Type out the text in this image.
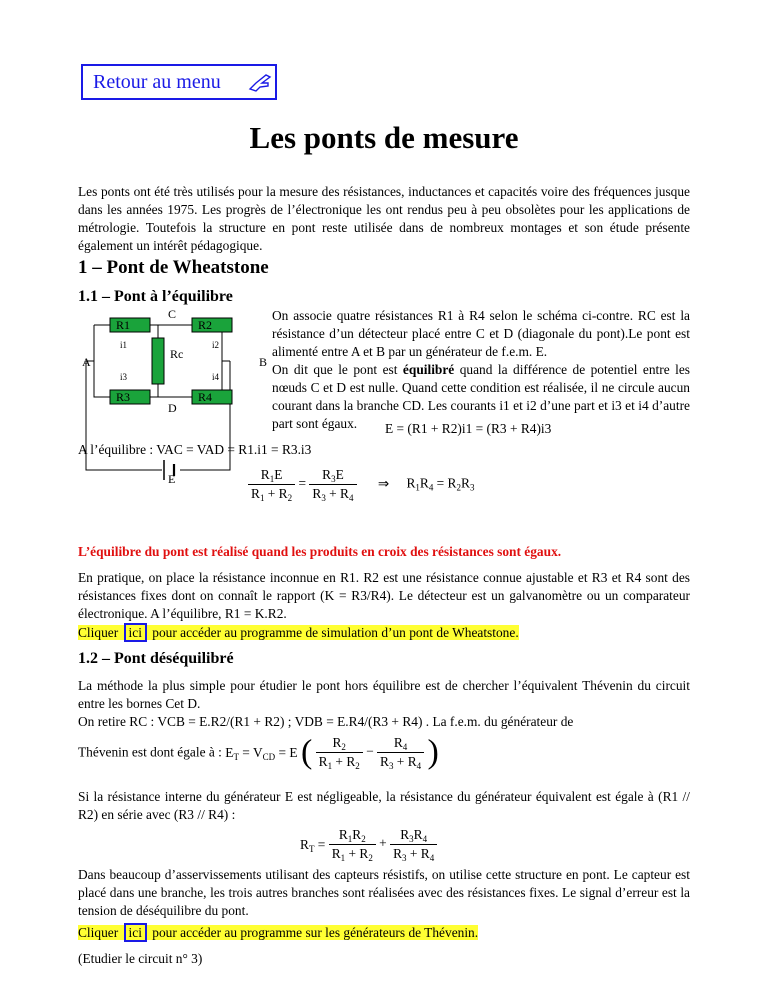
Retour au menu
Les ponts de mesure
Les ponts ont été très utilisés pour la mesure des résistances, inductances et capacités voire des fréquences jusque dans les années 1975. Les progrès de l’électronique les ont rendus peu à peu obsolètes pour les applications de métrologie. Toutefois la structure en pont reste utilisée dans de nombreux montages et son étude présente également un intérêt pédagogique.
1 – Pont de Wheatstone
1.1 – Pont à l’équilibre
R1	R2
R3	R4
Rc
A	B
C
D
E
i1	i2
i3	i4
On associe quatre résistances R1 à R4 selon le schéma ci-contre. RC est la résistance d’un détecteur placé entre C et D (diagonale du pont).Le pont est alimenté entre A et B par un générateur de f.e.m. E.
On dit que le pont est équilibré quand la différence de potentiel entre les nœuds C et D est nulle. Quand cette condition est réalisée, il ne circule aucun courant dans la branche CD. Les courants i1 et i2 d’une part et i3 et i4 d’autre part sont égaux.	E = (R1 + R2)i1 = (R3 + R4)i3
A l’équilibre : VAC = VAD = R1.i1 = R3.i3
$\frac{R_1E}{R_1 + R_2} = \frac{R_3E}{R_3 + R_4}$ ⇒ $R_1R_4 = R_2R_3$
L’équilibre du pont est réalisé quand les produits en croix des résistances sont égaux.
En pratique, on place la résistance inconnue en R1. R2 est une résistance connue ajustable et R3 et R4 sont des résistances fixes dont on connaît le rapport (K = R3/R4). Le détecteur est un galvanomètre ou un comparateur électronique. A l’équilibre, R1 = K.R2.
Cliquer ici pour accéder au programme de simulation d’un pont de Wheatstone.
1.2 – Pont déséquilibré
La méthode la plus simple pour étudier le pont hors équilibre est de chercher l’équivalent Thévenin du circuit entre les bornes Cet D.
On retire RC : VCB = E.R2/(R1 + R2) ; VDB = E.R4/(R3 + R4) . La f.e.m. du générateur de
Thévenin est dont égale à : $E_T = V_{CD} = E$ ( $\frac{R_2}{R_1 + R_2} - \frac{R_4}{R_3 + R_4}$ )
Si la résistance interne du générateur E est négligeable, la résistance du générateur équivalent est égale à (R1 // R2) en série avec (R3 // R4) :
$R_T = \frac{R_1R_2}{R_1 + R_2} + \frac{R_3R_4}{R_3 + R_4}$
Dans beaucoup d’asservissements utilisant des capteurs résistifs, on utilise cette structure en pont. Le capteur est placé dans une branche, les trois autres branches sont réalisées avec des résistances fixes. Le signal d’erreur est la tension de déséquilibre du pont.
Cliquer ici pour accéder au programme sur les générateurs de Thévenin.
(Etudier le circuit n° 3)
